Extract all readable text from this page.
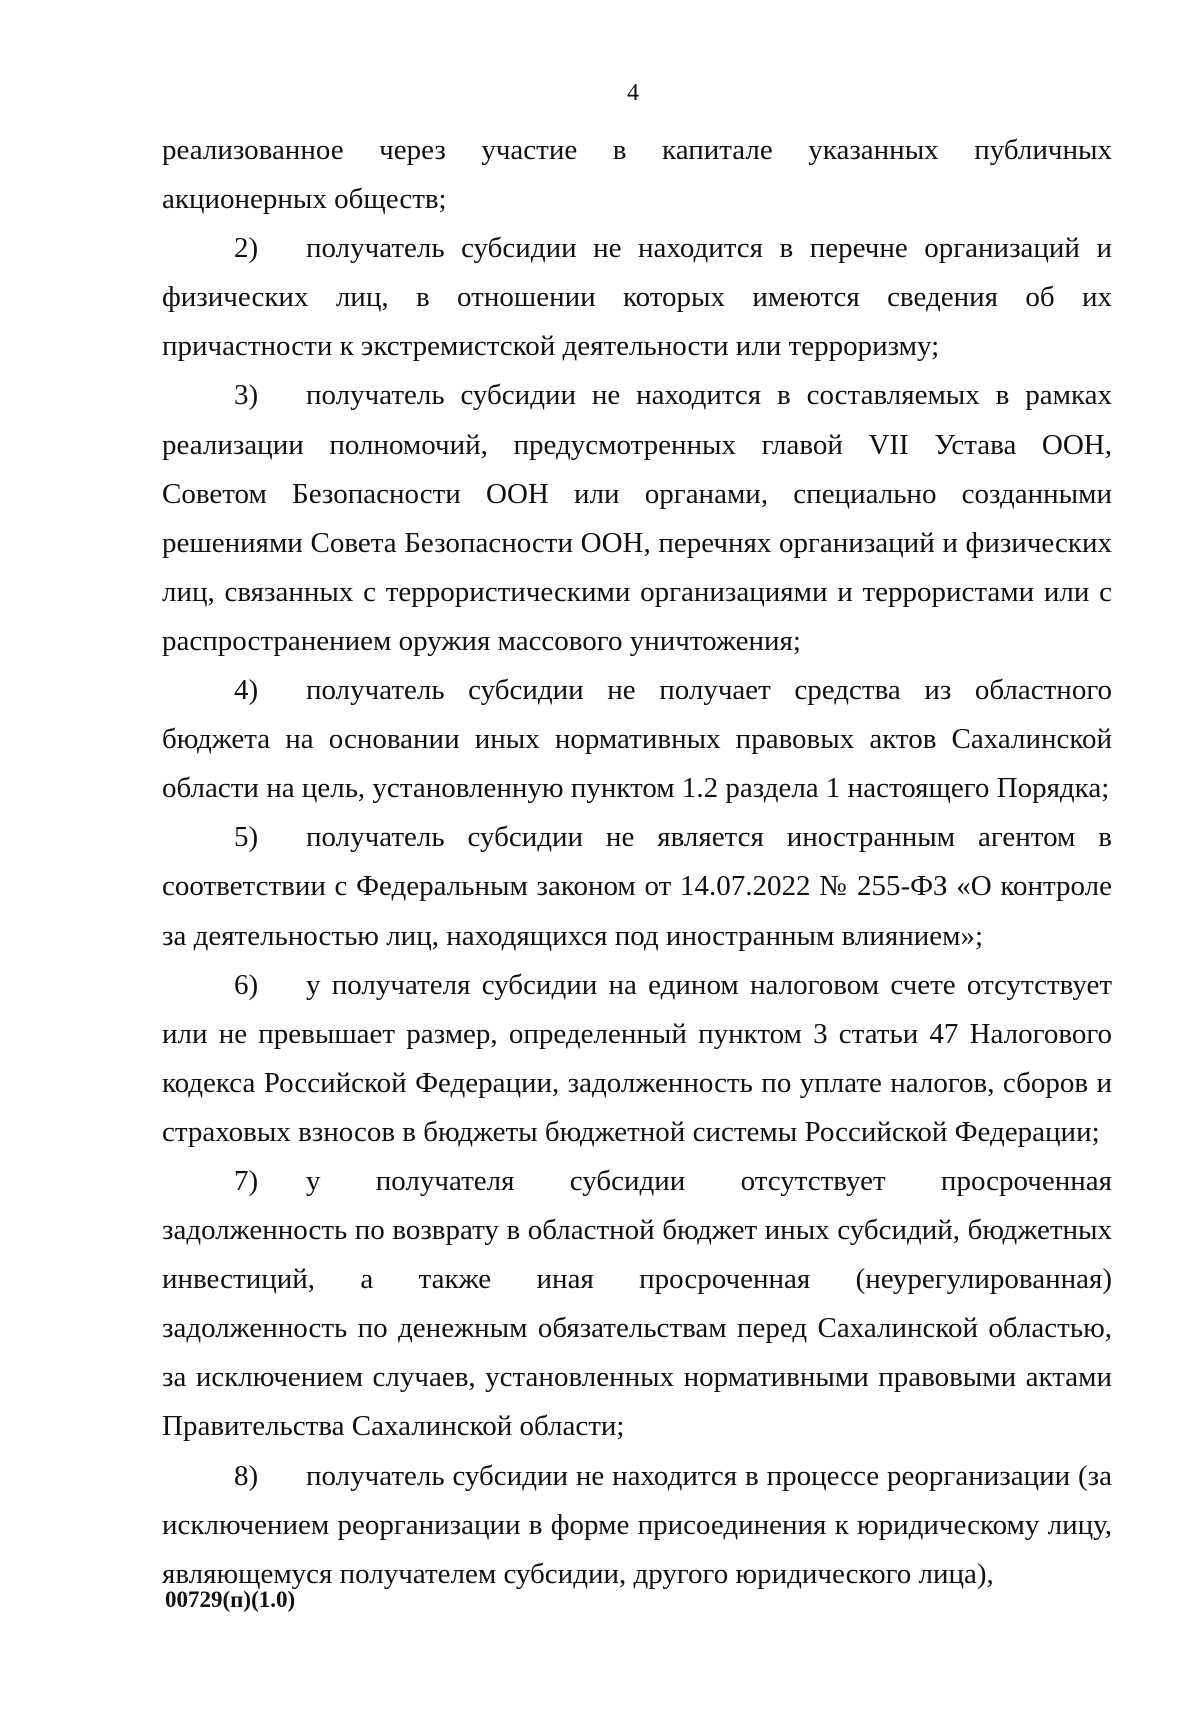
4

реализованное через участие в капитале указанных публичных акционерных обществ;

2) получатель субсидии не находится в перечне организаций и физических лиц, в отношении которых имеются сведения об их причастности к экстремистской деятельности или терроризму;

3) получатель субсидии не находится в составляемых в рамках реализации полномочий, предусмотренных главой VII Устава ООН, Советом Безопасности ООН или органами, специально созданными решениями Совета Безопасности ООН, перечнях организаций и физических лиц, связанных с террористическими организациями и террористами или с распространением оружия массового уничтожения;

4) получатель субсидии не получает средства из областного бюджета на основании иных нормативных правовых актов Сахалинской области на цель, установленную пунктом 1.2 раздела 1 настоящего Порядка;

5) получатель субсидии не является иностранным агентом в соответствии с Федеральным законом от 14.07.2022 № 255-ФЗ «О контроле за деятельностью лиц, находящихся под иностранным влиянием»;

6) у получателя субсидии на едином налоговом счете отсутствует или не превышает размер, определенный пунктом 3 статьи 47 Налогового кодекса Российской Федерации, задолженность по уплате налогов, сборов и страховых взносов в бюджеты бюджетной системы Российской Федерации;

7) у получателя субсидии отсутствует просроченная задолженность по возврату в областной бюджет иных субсидий, бюджетных инвестиций, а также иная просроченная (неурегулированная) задолженность по денежным обязательствам перед Сахалинской областью, за исключением случаев, установленных нормативными правовыми актами Правительства Сахалинской области;

8) получатель субсидии не находится в процессе реорганизации (за исключением реорганизации в форме присоединения к юридическому лицу, являющемуся получателем субсидии, другого юридического лица),

00729(п)(1.0)
